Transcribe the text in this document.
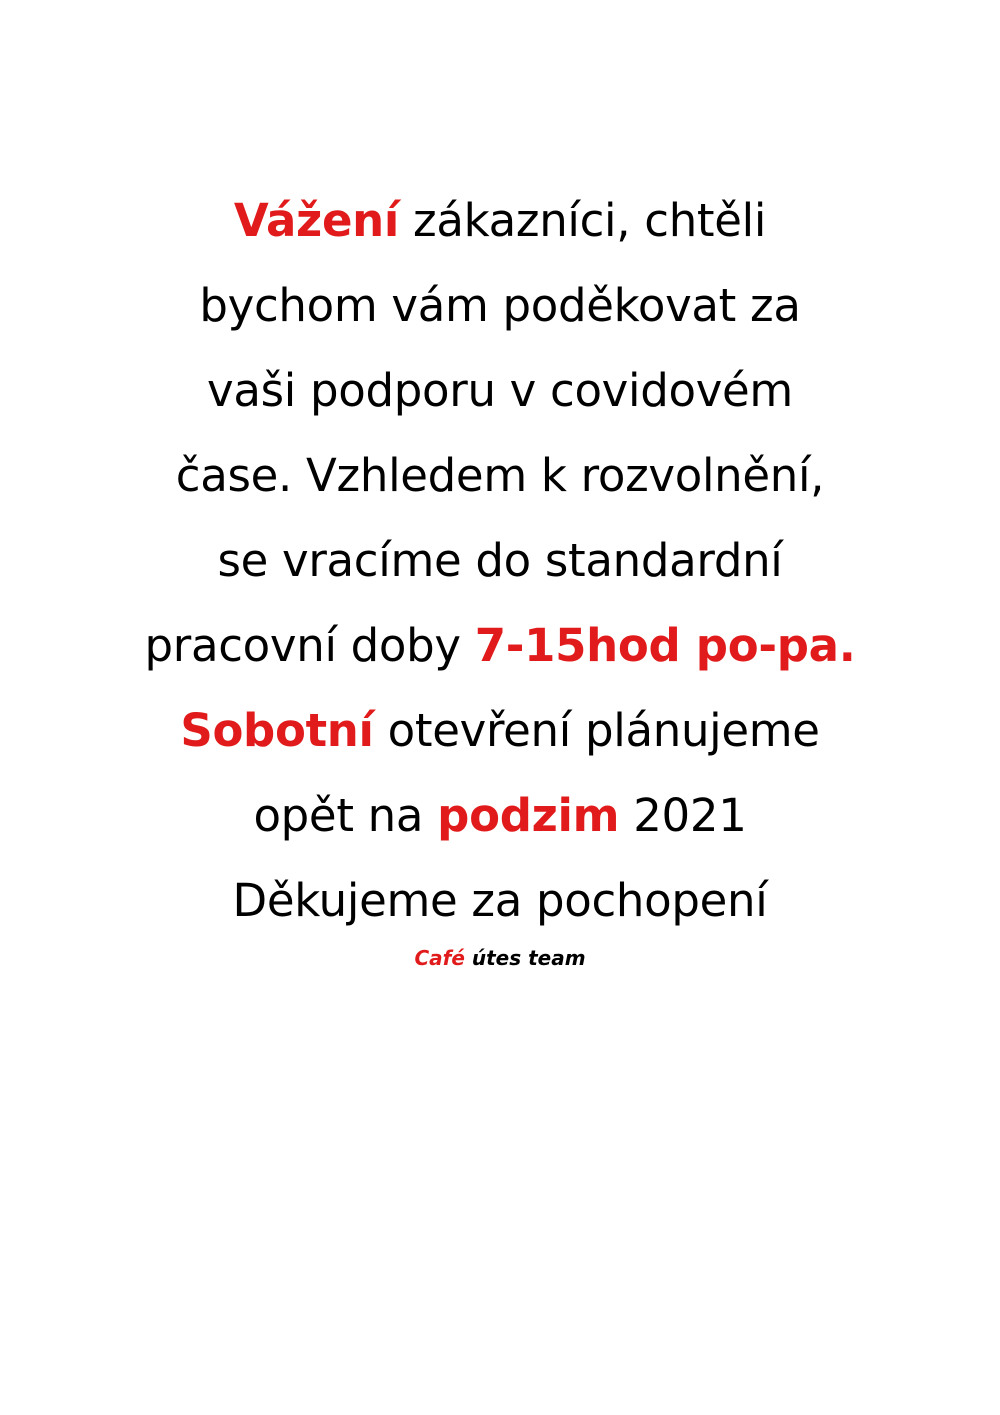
Vážení zákazníci, chtěli
bychom vám poděkovat za
vaši podporu v covidovém
čase. Vzhledem k rozvolnění,
se vracíme do standardní
pracovní doby 7-15hod po-pa.
Sobotní otevření plánujeme
opět na podzim 2021
Děkujeme za pochopení
Café útes team
